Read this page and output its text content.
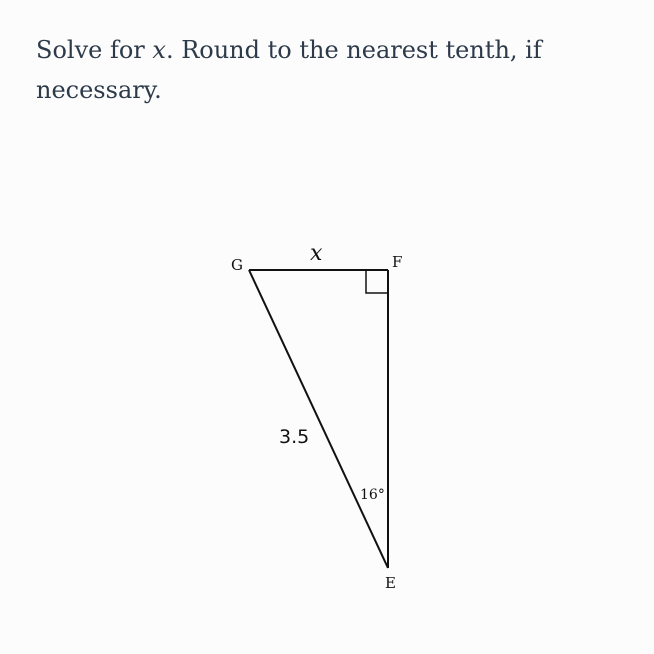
Solve for x. Round to the nearest tenth, if necessary.

G	F
E
x
3.5
16°
